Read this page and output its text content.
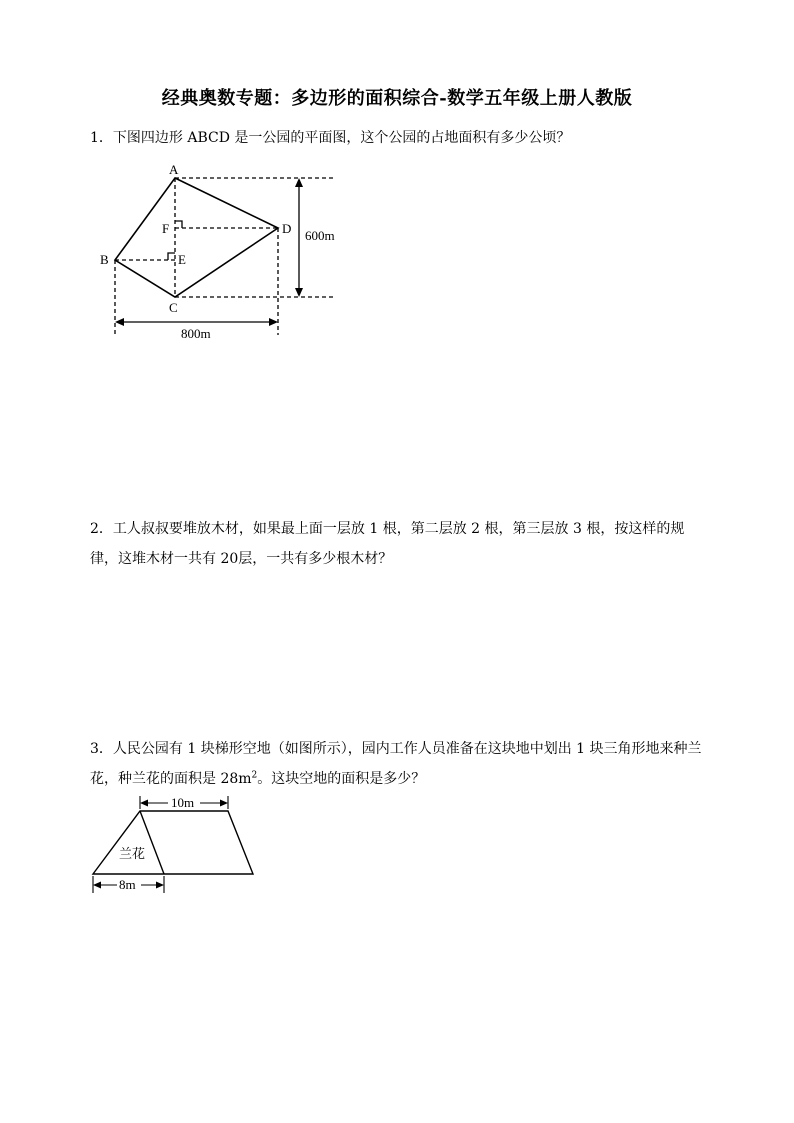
经典奥数专题：多边形的面积综合-数学五年级上册人教版
1．下图四边形 ABCD 是一公园的平面图，这个公园的占地面积有多少公顷？
A
B
C
D
E
F	600m
800m
2．工人叔叔要堆放木材，如果最上面一层放 1 根，第二层放 2 根，第三层放 3 根，按这样的规律，这堆木材一共有 20层，一共有多少根木材？
3．人民公园有 1 块梯形空地（如图所示），园内工作人员准备在这块地中划出 1 块三角形地来种兰花，种兰花的面积是 $28m^2$。这块空地的面积是多少？
10m
8m
兰花
